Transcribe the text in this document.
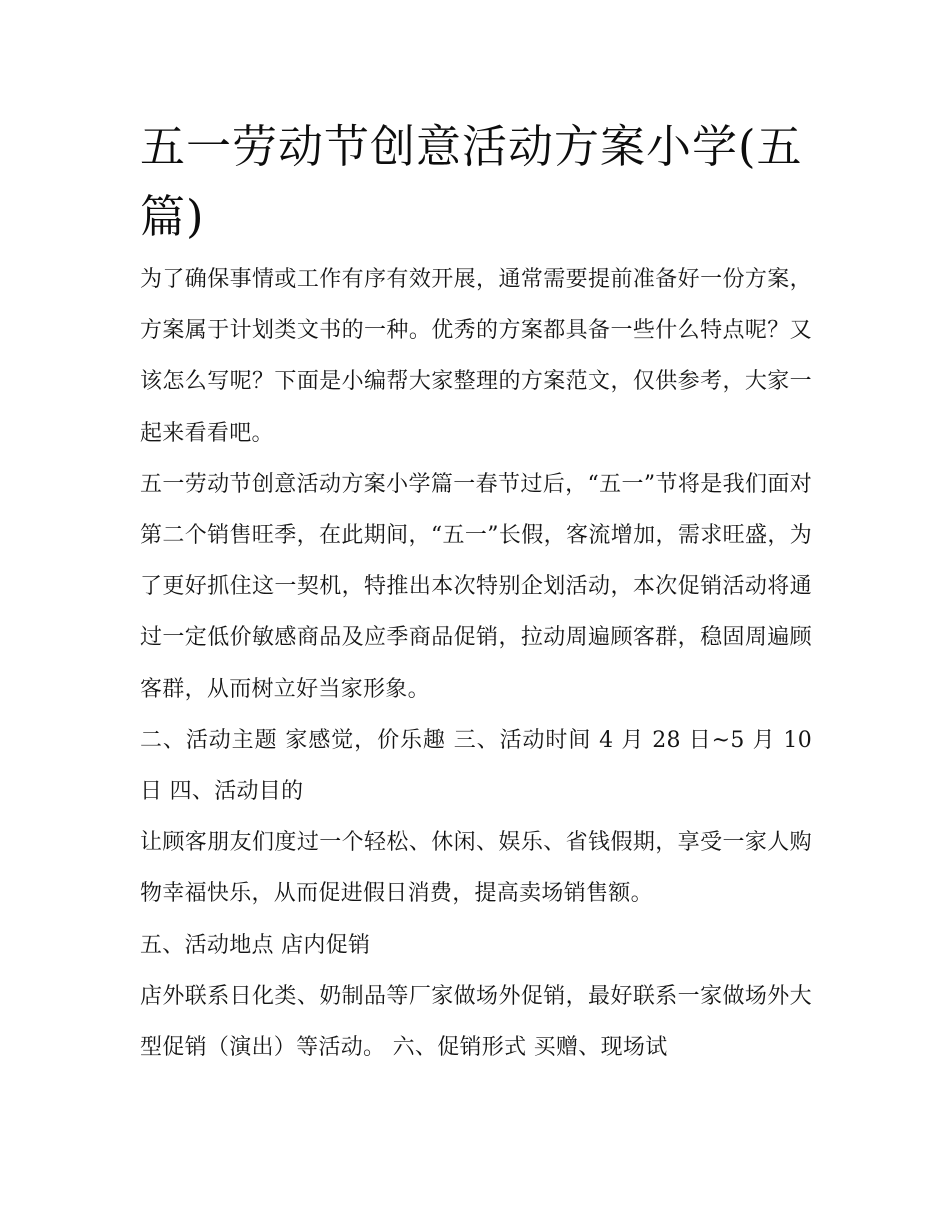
五一劳动节创意活动方案小学(五篇)

为了确保事情或工作有序有效开展，通常需要提前准备好一份方案，方案属于计划类文书的一种。优秀的方案都具备一些什么特点呢？又该怎么写呢？下面是小编帮大家整理的方案范文，仅供参考，大家一起来看看吧。

五一劳动节创意活动方案小学篇一春节过后，“五一”节将是我们面对第二个销售旺季，在此期间，“五一”长假，客流增加，需求旺盛，为了更好抓住这一契机，特推出本次特别企划活动，本次促销活动将通过一定低价敏感商品及应季商品促销，拉动周遍顾客群，稳固周遍顾客群，从而树立好当家形象。

二、活动主题 家感觉，价乐趣 三、活动时间 4 月 28 日~5 月 10 日 四、活动目的

让顾客朋友们度过一个轻松、休闲、娱乐、省钱假期，享受一家人购物幸福快乐，从而促进假日消费，提高卖场销售额。

五、活动地点 店内促销

店外联系日化类、奶制品等厂家做场外促销，最好联系一家做场外大型促销（演出）等活动。 六、促销形式 买赠、现场试
